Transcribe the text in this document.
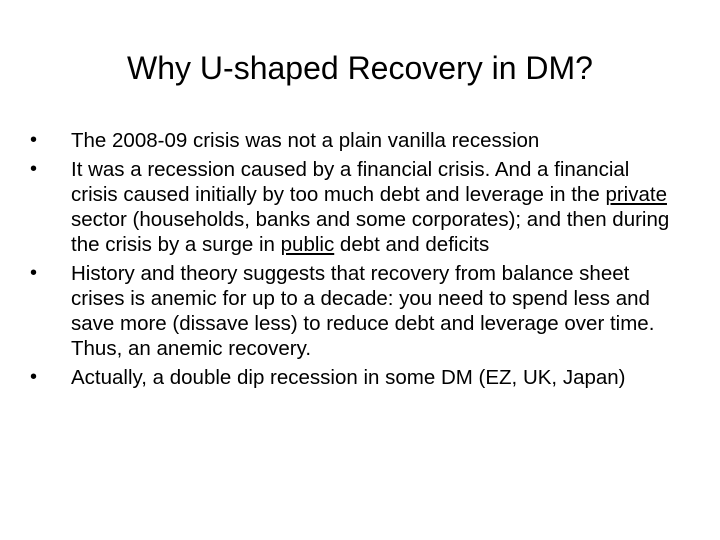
Why U-shaped Recovery in DM?
•	The 2008-09 crisis was not a plain vanilla recession
•	It was a recession caused by a financial crisis. And a financial crisis caused initially by too much debt and leverage in the private sector (households, banks and some corporates); and then during the crisis by a surge in public debt and deficits
•	History and theory suggests that recovery from balance sheet crises is anemic for up to a decade: you need to spend less and save more (dissave less) to reduce debt and leverage over time. Thus, an anemic recovery.
•	Actually, a double dip recession in some DM (EZ, UK, Japan)
